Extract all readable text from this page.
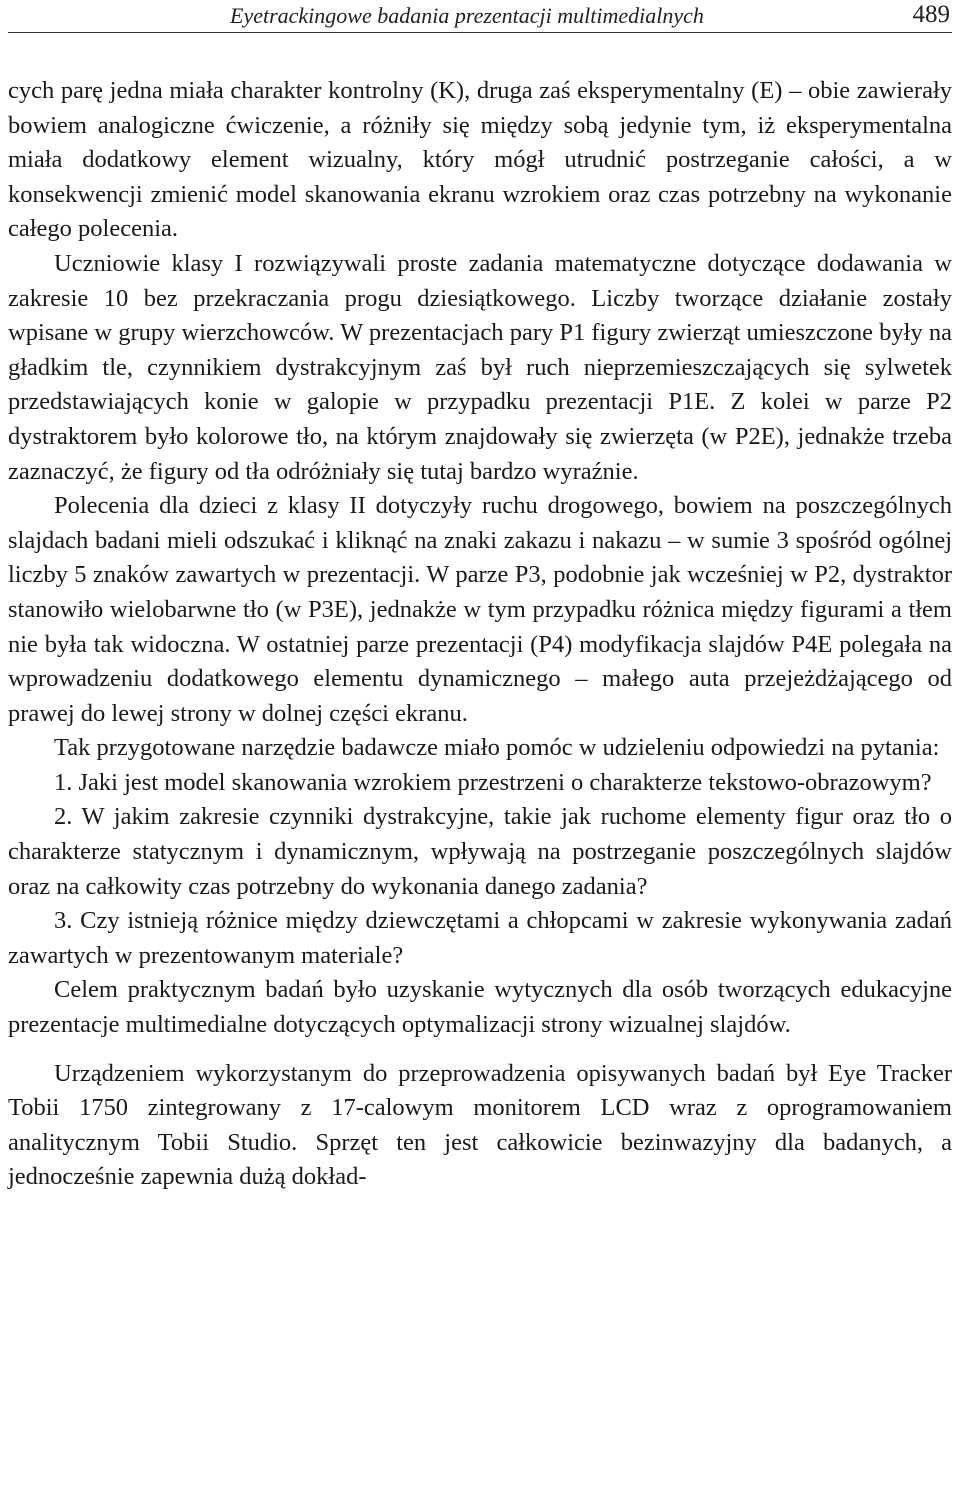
Eyetrackingowe badania prezentacji multimedialnych	489

cych parę jedna miała charakter kontrolny (K), druga zaś eksperymentalny (E) – obie zawierały bowiem analogiczne ćwiczenie, a różniły się między sobą jedynie tym, iż eksperymentalna miała dodatkowy element wizualny, który mógł utrudnić postrzeganie całości, a w konsekwencji zmienić model skanowania ekranu wzrokiem oraz czas potrzebny na wykonanie całego polecenia.

Uczniowie klasy I rozwiązywali proste zadania matematyczne dotyczące dodawania w zakresie 10 bez przekraczania progu dziesiątkowego. Liczby tworzące działanie zostały wpisane w grupy wierzchowców. W prezentacjach pary P1 figury zwierząt umieszczone były na gładkim tle, czynnikiem dystrakcyjnym zaś był ruch nieprzemieszczających się sylwetek przedstawiających konie w galopie w przypadku prezentacji P1E. Z kolei w parze P2 dystraktorem było kolorowe tło, na którym znajdowały się zwierzęta (w P2E), jednakże trzeba zaznaczyć, że figury od tła odróżniały się tutaj bardzo wyraźnie.

Polecenia dla dzieci z klasy II dotyczyły ruchu drogowego, bowiem na poszczególnych slajdach badani mieli odszukać i kliknąć na znaki zakazu i nakazu – w sumie 3 spośród ogólnej liczby 5 znaków zawartych w prezentacji. W parze P3, podobnie jak wcześniej w P2, dystraktor stanowiło wielobarwne tło (w P3E), jednakże w tym przypadku różnica między figurami a tłem nie była tak widoczna. W ostatniej parze prezentacji (P4) modyfikacja slajdów P4E polegała na wprowadzeniu dodatkowego elementu dynamicznego – małego auta przejeżdżającego od prawej do lewej strony w dolnej części ekranu.

Tak przygotowane narzędzie badawcze miało pomóc w udzieleniu odpowiedzi na pytania:

1. Jaki jest model skanowania wzrokiem przestrzeni o charakterze tekstowo-obrazowym?

2. W jakim zakresie czynniki dystrakcyjne, takie jak ruchome elementy figur oraz tło o charakterze statycznym i dynamicznym, wpływają na postrzeganie poszczególnych slajdów oraz na całkowity czas potrzebny do wykonania danego zadania?

3. Czy istnieją różnice między dziewczętami a chłopcami w zakresie wykonywania zadań zawartych w prezentowanym materiale?

Celem praktycznym badań było uzyskanie wytycznych dla osób tworzących edukacyjne prezentacje multimedialne dotyczących optymalizacji strony wizualnej slajdów.

Urządzeniem wykorzystanym do przeprowadzenia opisywanych badań był Eye Tracker Tobii 1750 zintegrowany z 17-calowym monitorem LCD wraz z oprogramowaniem analitycznym Tobii Studio. Sprzęt ten jest całkowicie bezinwazyjny dla badanych, a jednocześnie zapewnia dużą dokład-
